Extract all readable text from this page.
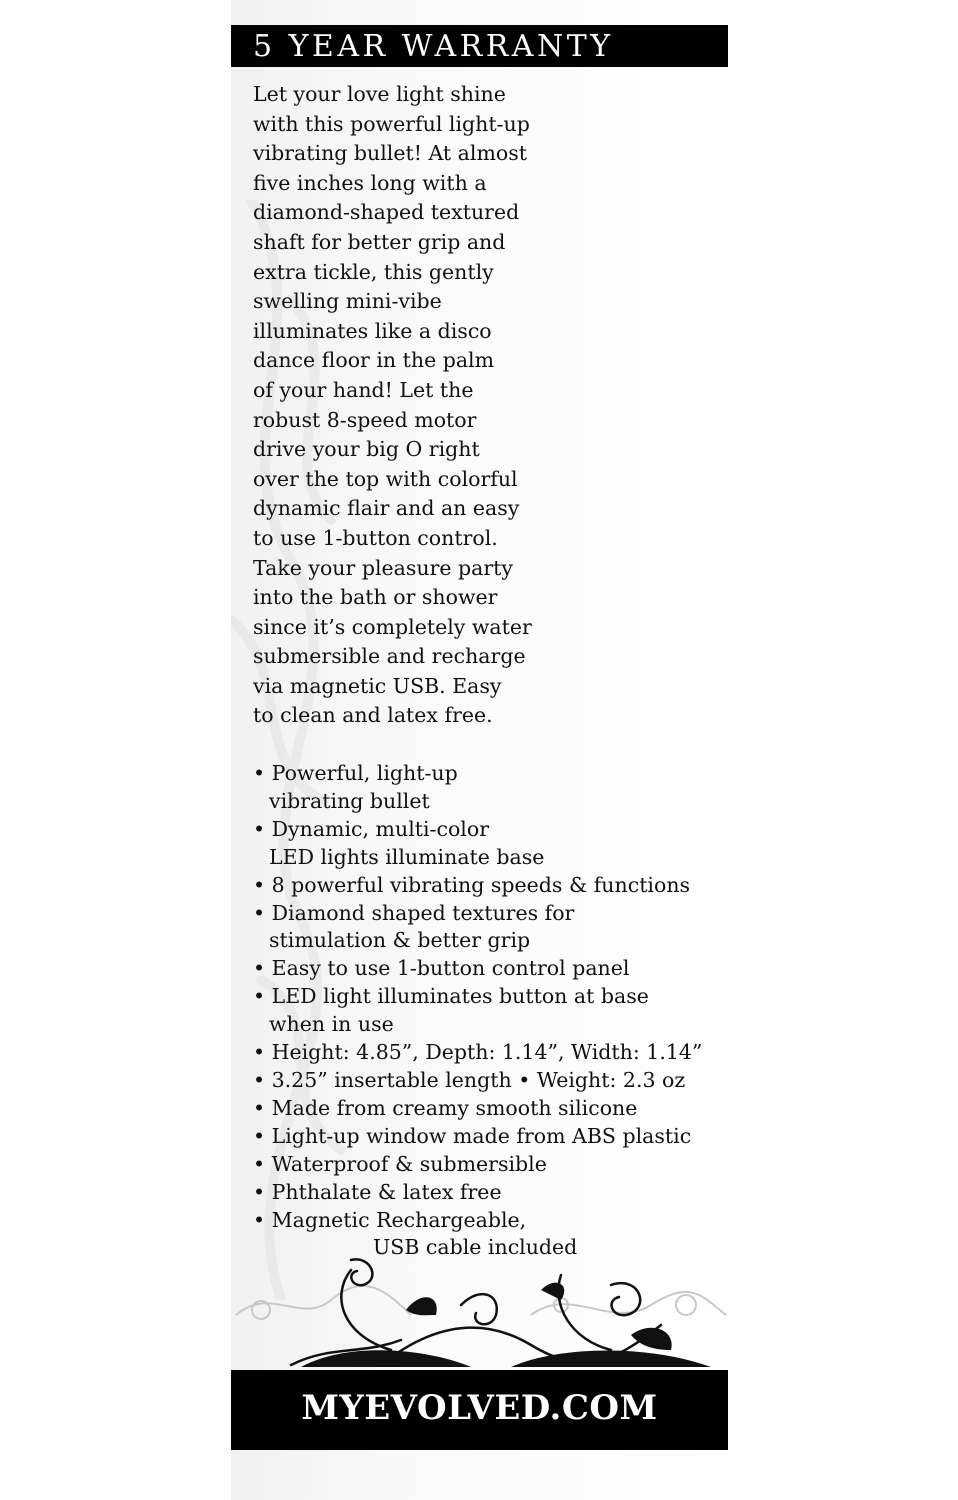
5 YEAR WARRANTY
Let your love light shine
with this powerful light-up
vibrating bullet! At almost
five inches long with a
diamond-shaped textured
shaft for better grip and
extra tickle, this gently
swelling mini-vibe
illuminates like a disco
dance floor in the palm
of your hand! Let the
robust 8-speed motor
drive your big O right
over the top with colorful
dynamic flair and an easy
to use 1-button control.
Take your pleasure party
into the bath or shower
since it’s completely water
submersible and recharge
via magnetic USB. Easy
to clean and latex free.
• Powerful, light-up
vibrating bullet
• Dynamic, multi-color
LED lights illuminate base
• 8 powerful vibrating speeds & functions
• Diamond shaped textures for
stimulation & better grip
• Easy to use 1-button control panel
• LED light illuminates button at base
when in use
• Height: 4.85”, Depth: 1.14”, Width: 1.14”
• 3.25” insertable length • Weight: 2.3 oz
• Made from creamy smooth silicone
• Light-up window made from ABS plastic
• Waterproof & submersible
• Phthalate & latex free
• Magnetic Rechargeable,
USB cable included
MYEVOLVED.COM
